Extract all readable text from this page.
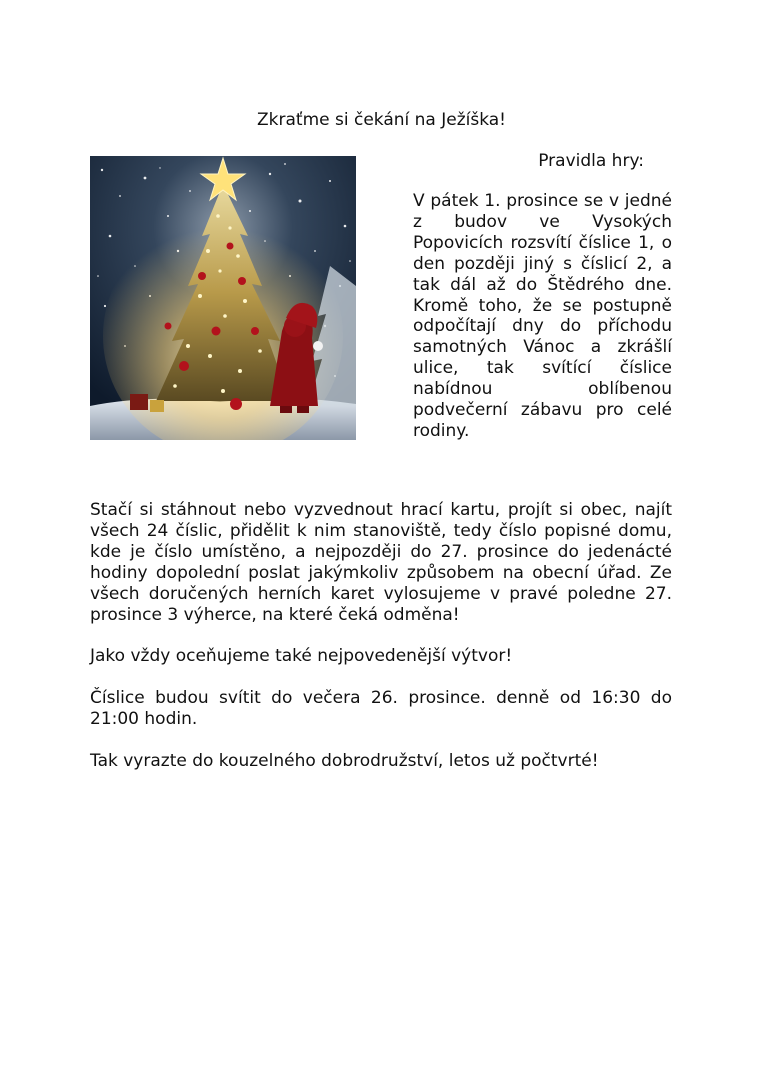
Zkraťme si čekání na Ježíška!
Pravidla hry:
V pátek 1. prosince se v jedné z budov ve Vysokých Popovicích rozsvítí číslice 1, o den později jiný s číslicí 2, a tak dál až do Štědrého dne. Kromě toho, že se postupně odpočítají dny do příchodu samotných Vánoc a zkrášlí ulice, tak svítící číslice nabídnou oblíbenou podvečerní zábavu pro celé rodiny.

Stačí si stáhnout nebo vyzvednout hrací kartu, projít si obec, najít všech 24 číslic, přidělit k nim stanoviště, tedy číslo popisné domu, kde je číslo umístěno, a nejpozději do 27. prosince do jedenácté hodiny dopolední poslat jakýmkoliv způsobem na obecní úřad. Ze všech doručených herních karet vylosujeme v pravé poledne 27. prosince 3 výherce, na které čeká odměna!

Jako vždy oceňujeme také nejpovedenější výtvor!

Číslice budou svítit do večera 26. prosince. denně od 16:30 do 21:00 hodin.

Tak vyrazte do kouzelného dobrodružství, letos už počtvrté!
